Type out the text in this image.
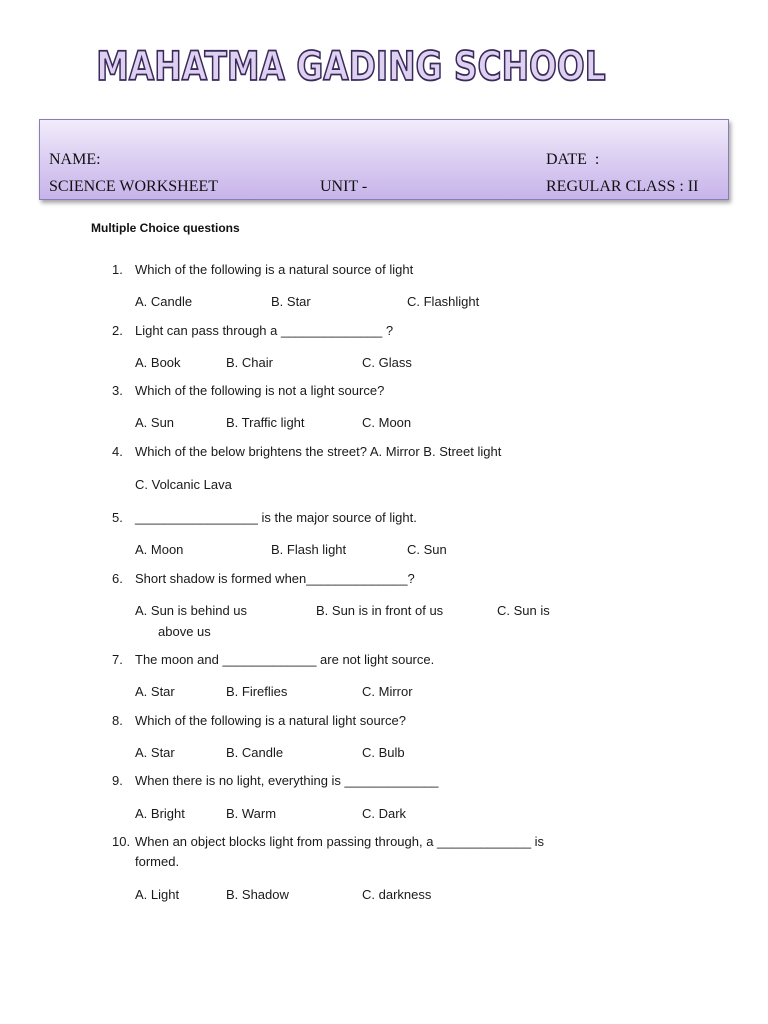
MAHATMA GADING SCHOOL
NAME:	DATE  :
SCIENCE WORKSHEET	UNIT -	REGULAR CLASS : II
Multiple Choice questions
1. Which of the following is a natural source of light
A. Candle	B. Star	C. Flashlight
2. Light can pass through a ______________ ?
A. Book	B. Chair	C. Glass
3. Which of the following is not a light source?
A. Sun	B. Traffic light	C. Moon
4. Which of the below brightens the street? A. Mirror B. Street light
C. Volcanic Lava
5. _________________ is the major source of light.
A. Moon	B. Flash light	C. Sun
6. Short shadow is formed when______________?
A. Sun is behind us	B. Sun is in front of us	C. Sun is
above us
7. The moon and _____________ are not light source.
A. Star	B. Fireflies	C. Mirror
8. Which of the following is a natural light source?
A. Star	B. Candle	C. Bulb
9. When there is no light, everything is _____________
A. Bright	B. Warm	C. Dark
10. When an object blocks light from passing through, a _____________ is formed.
A. Light	B. Shadow	C. darkness
